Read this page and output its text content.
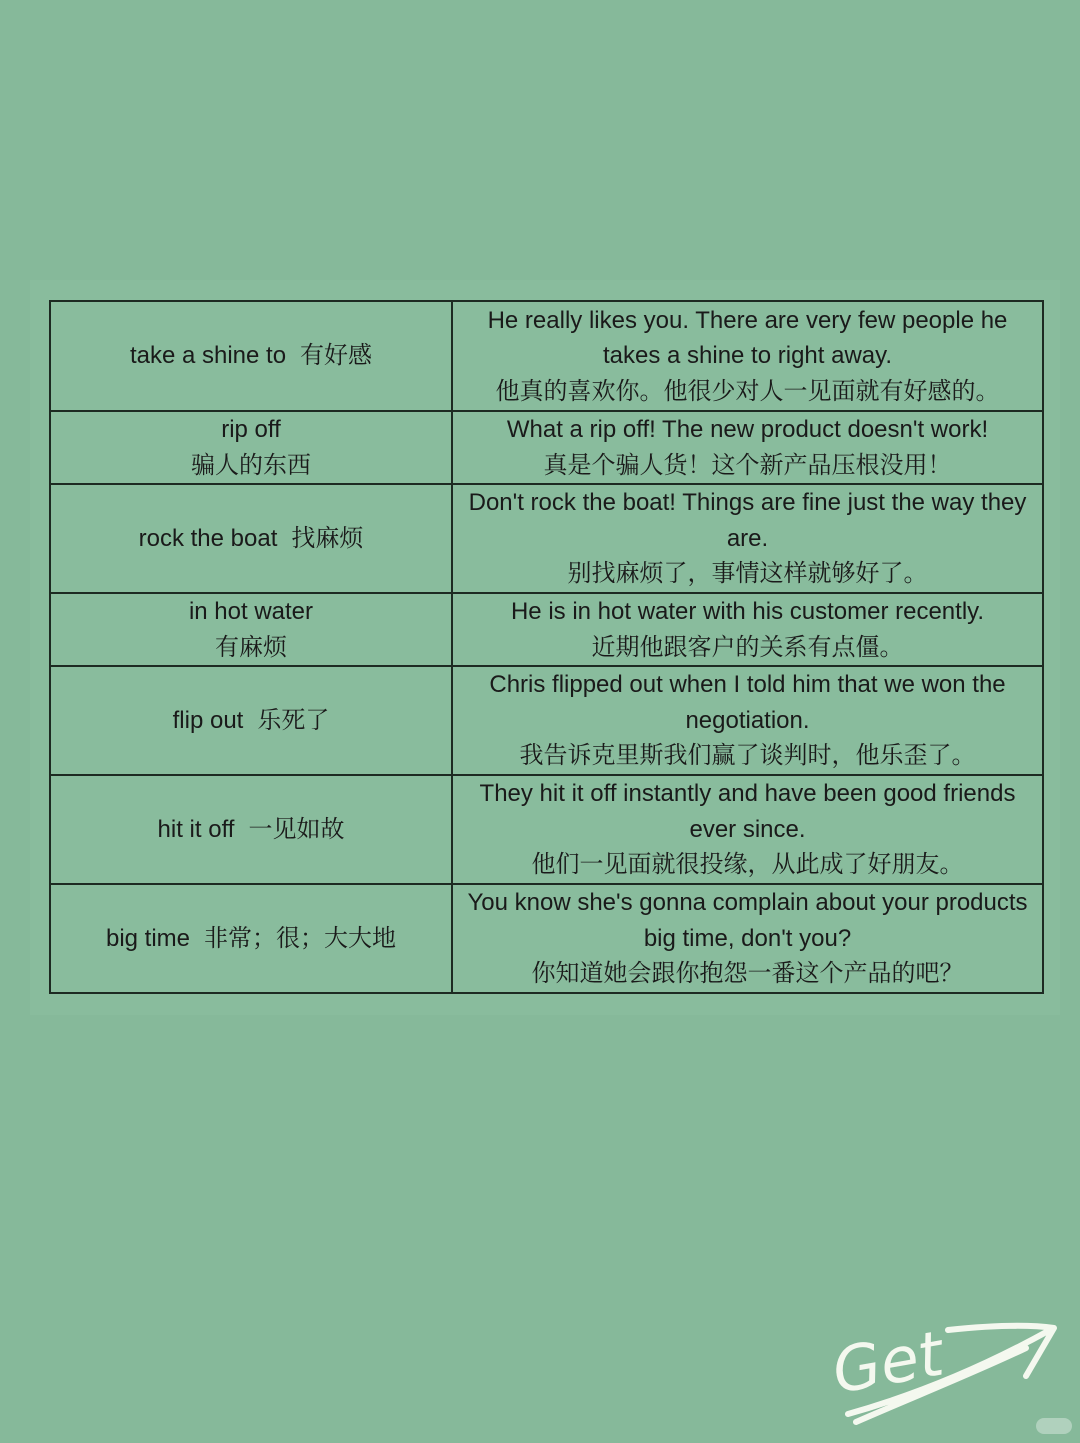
take a shine to 有好感	He really likes you. There are very few people he takes a shine to right away.
他真的喜欢你。他很少对人一见面就有好感的。

rip off
骗人的东西	What a rip off! The new product doesn't work!
真是个骗人货！这个新产品压根没用！

rock the boat 找麻烦	Don't rock the boat! Things are fine just the way they are.
别找麻烦了，事情这样就够好了。

in hot water
有麻烦	He is in hot water with his customer recently.
近期他跟客户的关系有点僵。

flip out 乐死了	Chris flipped out when I told him that we won the negotiation.
我告诉克里斯我们赢了谈判时，他乐歪了。

hit it off 一见如故	They hit it off instantly and have been good friends ever since.
他们一见面就很投缘，从此成了好朋友。

big time 非常；很；大大地	You know she's gonna complain about your products big time, don't you?
你知道她会跟你抱怨一番这个产品的吧？
Get
